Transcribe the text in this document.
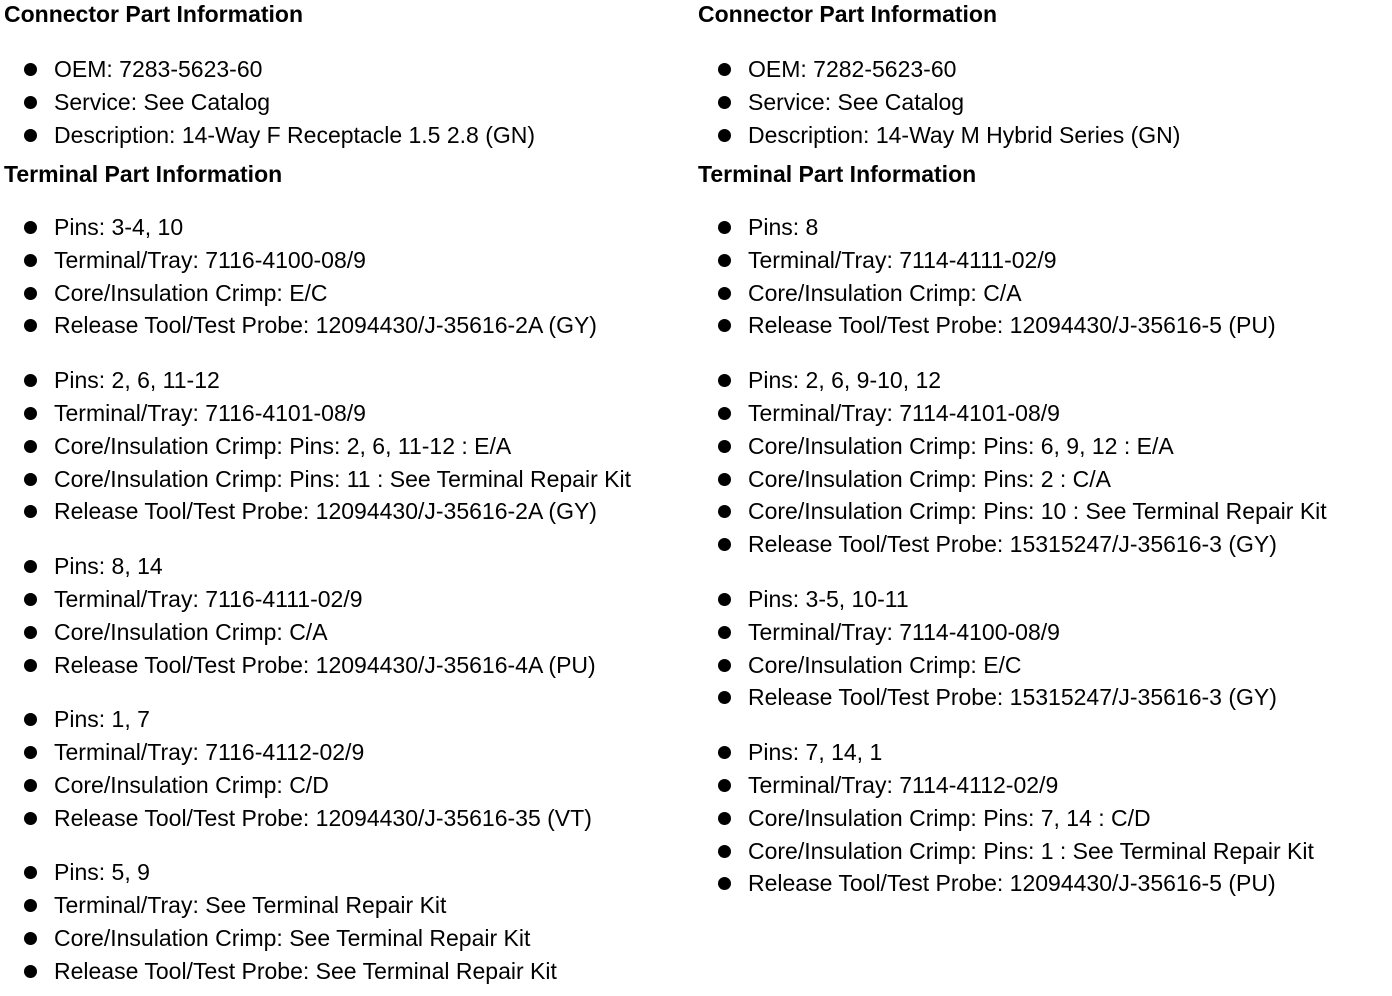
Connector Part Information
OEM: 7283-5623-60
Service: See Catalog
Description: 14-Way F Receptacle 1.5 2.8 (GN)
Terminal Part Information
Pins: 3-4, 10
Terminal/Tray: 7116-4100-08/9
Core/Insulation Crimp: E/C
Release Tool/Test Probe: 12094430/J-35616-2A (GY)
Pins: 2, 6, 11-12
Terminal/Tray: 7116-4101-08/9
Core/Insulation Crimp: Pins: 2, 6, 11-12 : E/A
Core/Insulation Crimp: Pins: 11 : See Terminal Repair Kit
Release Tool/Test Probe: 12094430/J-35616-2A (GY)
Pins: 8, 14
Terminal/Tray: 7116-4111-02/9
Core/Insulation Crimp: C/A
Release Tool/Test Probe: 12094430/J-35616-4A (PU)
Pins: 1, 7
Terminal/Tray: 7116-4112-02/9
Core/Insulation Crimp: C/D
Release Tool/Test Probe: 12094430/J-35616-35 (VT)
Pins: 5, 9
Terminal/Tray: See Terminal Repair Kit
Core/Insulation Crimp: See Terminal Repair Kit
Release Tool/Test Probe: See Terminal Repair Kit
Connector Part Information
OEM: 7282-5623-60
Service: See Catalog
Description: 14-Way M Hybrid Series (GN)
Terminal Part Information
Pins: 8
Terminal/Tray: 7114-4111-02/9
Core/Insulation Crimp: C/A
Release Tool/Test Probe: 12094430/J-35616-5 (PU)
Pins: 2, 6, 9-10, 12
Terminal/Tray: 7114-4101-08/9
Core/Insulation Crimp: Pins: 6, 9, 12 : E/A
Core/Insulation Crimp: Pins: 2 : C/A
Core/Insulation Crimp: Pins: 10 : See Terminal Repair Kit
Release Tool/Test Probe: 15315247/J-35616-3 (GY)
Pins: 3-5, 10-11
Terminal/Tray: 7114-4100-08/9
Core/Insulation Crimp: E/C
Release Tool/Test Probe: 15315247/J-35616-3 (GY)
Pins: 7, 14, 1
Terminal/Tray: 7114-4112-02/9
Core/Insulation Crimp: Pins: 7, 14 : C/D
Core/Insulation Crimp: Pins: 1 : See Terminal Repair Kit
Release Tool/Test Probe: 12094430/J-35616-5 (PU)
